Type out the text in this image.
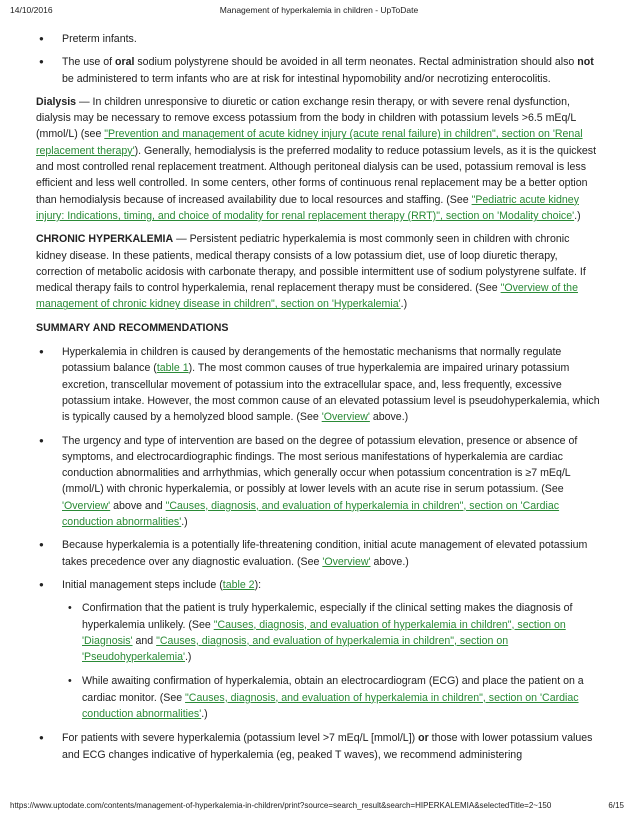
14/10/2016	Management of hyperkalemia in children - UpToDate
● Preterm infants.
● The use of oral sodium polystyrene should be avoided in all term neonates. Rectal administration should also not be administered to term infants who are at risk for intestinal hypomobility and/or necrotizing enterocolitis.

Dialysis — In children unresponsive to diuretic or cation exchange resin therapy, or with severe renal dysfunction, dialysis may be necessary to remove excess potassium from the body in children with potassium levels >6.5 mEq/L (mmol/L) (see "Prevention and management of acute kidney injury (acute renal failure) in children", section on 'Renal replacement therapy'). Generally, hemodialysis is the preferred modality to reduce potassium levels, as it is the quickest and most controlled renal replacement treatment. Although peritoneal dialysis can be used, potassium removal is less efficient and less well controlled. In some centers, other forms of continuous renal replacement may be a better option than hemodialysis because of increased availability due to local resources and staffing. (See "Pediatric acute kidney injury: Indications, timing, and choice of modality for renal replacement therapy (RRT)", section on 'Modality choice'.)

CHRONIC HYPERKALEMIA — Persistent pediatric hyperkalemia is most commonly seen in children with chronic kidney disease. In these patients, medical therapy consists of a low potassium diet, use of loop diuretic therapy, correction of metabolic acidosis with carbonate therapy, and possible intermittent use of sodium polystyrene sulfate. If medical therapy fails to control hyperkalemia, renal replacement therapy must be considered. (See "Overview of the management of chronic kidney disease in children", section on 'Hyperkalemia'.)

SUMMARY AND RECOMMENDATIONS
● Hyperkalemia in children is caused by derangements of the hemostatic mechanisms that normally regulate potassium balance (table 1). The most common causes of true hyperkalemia are impaired urinary potassium excretion, transcellular movement of potassium into the extracellular space, and, less frequently, excessive potassium intake. However, the most common cause of an elevated potassium level is pseudohyperkalemia, which is typically caused by a hemolyzed blood sample. (See 'Overview' above.)
● The urgency and type of intervention are based on the degree of potassium elevation, presence or absence of symptoms, and electrocardiographic findings. The most serious manifestations of hyperkalemia are cardiac conduction abnormalities and arrhythmias, which generally occur when potassium concentration is ≥7 mEq/L (mmol/L) with chronic hyperkalemia, or possibly at lower levels with an acute rise in serum potassium. (See 'Overview' above and "Causes, diagnosis, and evaluation of hyperkalemia in children", section on 'Cardiac conduction abnormalities'.)
● Because hyperkalemia is a potentially life-threatening condition, initial acute management of elevated potassium takes precedence over any diagnostic evaluation. (See 'Overview' above.)
● Initial management steps include (table 2):
• Confirmation that the patient is truly hyperkalemic, especially if the clinical setting makes the diagnosis of hyperkalemia unlikely. (See "Causes, diagnosis, and evaluation of hyperkalemia in children", section on 'Diagnosis' and "Causes, diagnosis, and evaluation of hyperkalemia in children", section on 'Pseudohyperkalemia'.)
• While awaiting confirmation of hyperkalemia, obtain an electrocardiogram (ECG) and place the patient on a cardiac monitor. (See "Causes, diagnosis, and evaluation of hyperkalemia in children", section on 'Cardiac conduction abnormalities'.)
● For patients with severe hyperkalemia (potassium level >7 mEq/L [mmol/L]) or those with lower potassium values and ECG changes indicative of hyperkalemia (eg, peaked T waves), we recommend administering
https://www.uptodate.com/contents/management-of-hyperkalemia-in-children/print?source=search_result&search=HIPERKALEMIA&selectedTitle=2~150	6/15
